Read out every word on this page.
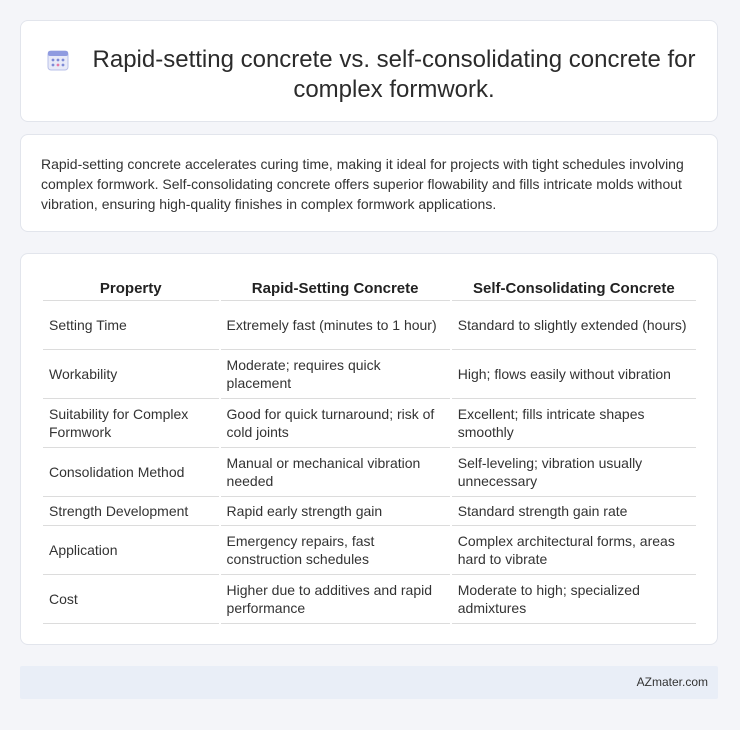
Rapid-setting concrete vs. self-consolidating concrete for complex formwork.
Rapid-setting concrete accelerates curing time, making it ideal for projects with tight schedules involving complex formwork. Self-consolidating concrete offers superior flowability and fills intricate molds without vibration, ensuring high-quality finishes in complex formwork applications.
Property	Rapid-Setting Concrete	Self-Consolidating Concrete
Setting Time	Extremely fast (minutes to 1 hour)	Standard to slightly extended (hours)
Workability	Moderate; requires quick placement	High; flows easily without vibration
Suitability for Complex Formwork	Good for quick turnaround; risk of cold joints	Excellent; fills intricate shapes smoothly
Consolidation Method	Manual or mechanical vibration needed	Self-leveling; vibration usually unnecessary
Strength Development	Rapid early strength gain	Standard strength gain rate
Application	Emergency repairs, fast construction schedules	Complex architectural forms, areas hard to vibrate
Cost	Higher due to additives and rapid performance	Moderate to high; specialized admixtures
AZmater.com
